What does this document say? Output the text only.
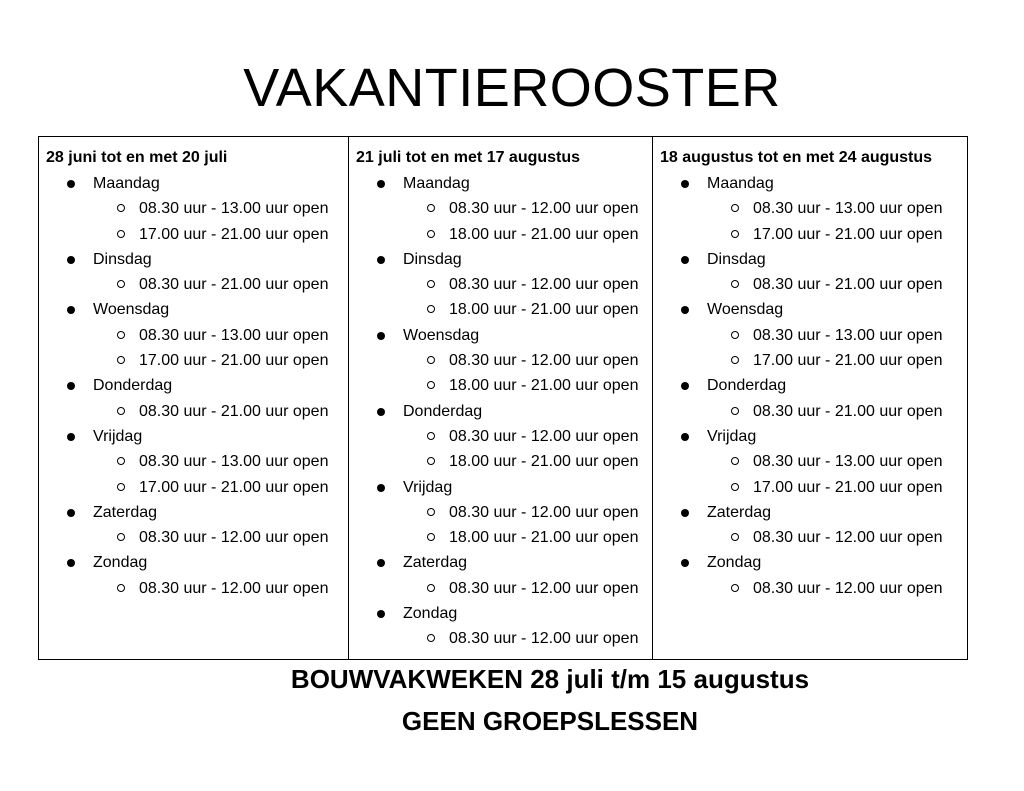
VAKANTIEROOSTER
28 juni tot en met 20 juli
Maandag
08.30 uur - 13.00 uur open
17.00 uur - 21.00 uur open
Dinsdag
08.30 uur - 21.00 uur open
Woensdag
08.30 uur - 13.00 uur open
17.00 uur - 21.00 uur open
Donderdag
08.30 uur - 21.00 uur open
Vrijdag
08.30 uur - 13.00 uur open
17.00 uur - 21.00 uur open
Zaterdag
08.30 uur - 12.00 uur open
Zondag
08.30 uur - 12.00 uur open
21 juli tot en met 17 augustus
Maandag
08.30 uur - 12.00 uur open
18.00 uur - 21.00 uur open
Dinsdag
08.30 uur - 12.00 uur open
18.00 uur - 21.00 uur open
Woensdag
08.30 uur - 12.00 uur open
18.00 uur - 21.00 uur open
Donderdag
08.30 uur - 12.00 uur open
18.00 uur - 21.00 uur open
Vrijdag
08.30 uur - 12.00 uur open
18.00 uur - 21.00 uur open
Zaterdag
08.30 uur - 12.00 uur open
Zondag
08.30 uur - 12.00 uur open
18 augustus tot en met 24 augustus
Maandag
08.30 uur - 13.00 uur open
17.00 uur - 21.00 uur open
Dinsdag
08.30 uur - 21.00 uur open
Woensdag
08.30 uur - 13.00 uur open
17.00 uur - 21.00 uur open
Donderdag
08.30 uur - 21.00 uur open
Vrijdag
08.30 uur - 13.00 uur open
17.00 uur - 21.00 uur open
Zaterdag
08.30 uur - 12.00 uur open
Zondag
08.30 uur - 12.00 uur open
BOUWVAKWEKEN 28 juli t/m 15 augustus
GEEN GROEPSLESSEN
